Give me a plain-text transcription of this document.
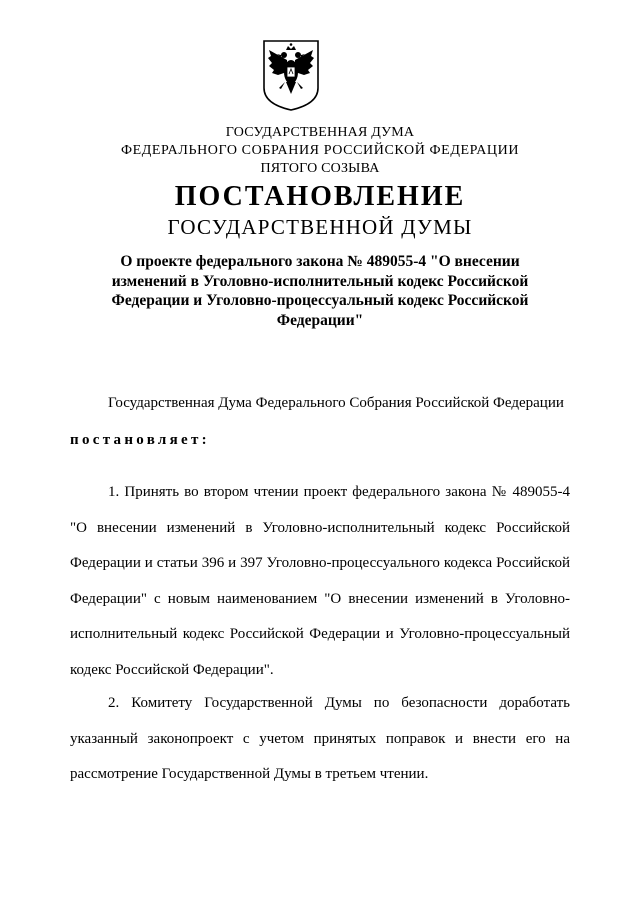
ГОСУДАРСТВЕННАЯ ДУМА
ФЕДЕРАЛЬНОГО СОБРАНИЯ РОССИЙСКОЙ ФЕДЕРАЦИИ
ПЯТОГО СОЗЫВА
ПОСТАНОВЛЕНИЕ
ГОСУДАРСТВЕННОЙ ДУМЫ
О проекте федерального закона № 489055-4 "О внесении изменений в Уголовно-исполнительный кодекс Российской Федерации и Уголовно-процессуальный кодекс Российской Федерации"
Государственная Дума Федерального Собрания Российской Федерации
постановляет:
1. Принять во втором чтении проект федерального закона № 489055-4 "О внесении изменений в Уголовно-исполнительный кодекс Российской Федерации и статьи 396 и 397 Уголовно-процессуального кодекса Российской Федерации" с новым наименованием "О внесении изменений в Уголовно-исполнительный кодекс Российской Федерации и Уголовно-процессуальный кодекс Российской Федерации".
2. Комитету Государственной Думы по безопасности доработать указанный законопроект с учетом принятых поправок и внести его на рассмотрение Государственной Думы в третьем чтении.
